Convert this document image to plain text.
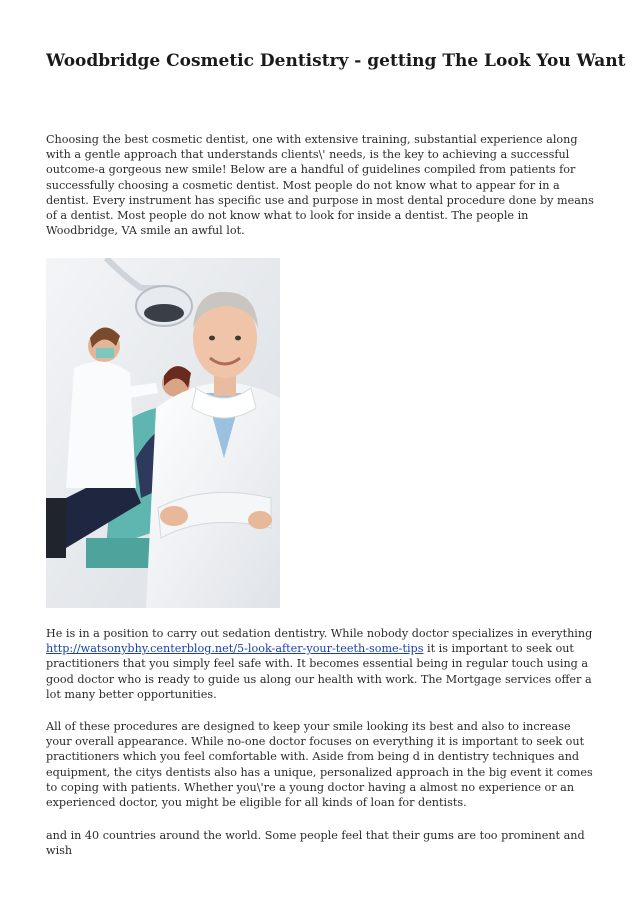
Woodbridge Cosmetic Dentistry - getting The Look You Want

Choosing the best cosmetic dentist, one with extensive training, substantial experience along with a gentle approach that understands clients\' needs, is the key to achieving a successful outcome-a gorgeous new smile! Below are a handful of guidelines compiled from patients for successfully choosing a cosmetic dentist. Most people do not know what to appear for in a dentist. Every instrument has specific use and purpose in most dental procedure done by means of a dentist. Most people do not know what to look for inside a dentist. The people in Woodbridge, VA smile an awful lot.

He is in a position to carry out sedation dentistry. While nobody doctor specializes in everything http://watsonybhy.centerblog.net/5-look-after-your-teeth-some-tips it is important to seek out practitioners that you simply feel safe with. It becomes essential being in regular touch using a good doctor who is ready to guide us along our health with work. The Mortgage services offer a lot many better opportunities.

All of these procedures are designed to keep your smile looking its best and also to increase your overall appearance. While no-one doctor focuses on everything it is important to seek out practitioners which you feel comfortable with. Aside from being d in dentistry techniques and equipment, the citys dentists also has a unique, personalized approach in the big event it comes to coping with patients. Whether you\'re a young doctor having a almost no experience or an experienced doctor, you might be eligible for all kinds of loan for dentists.

and in 40 countries around the world. Some people feel that their gums are too prominent and wish
